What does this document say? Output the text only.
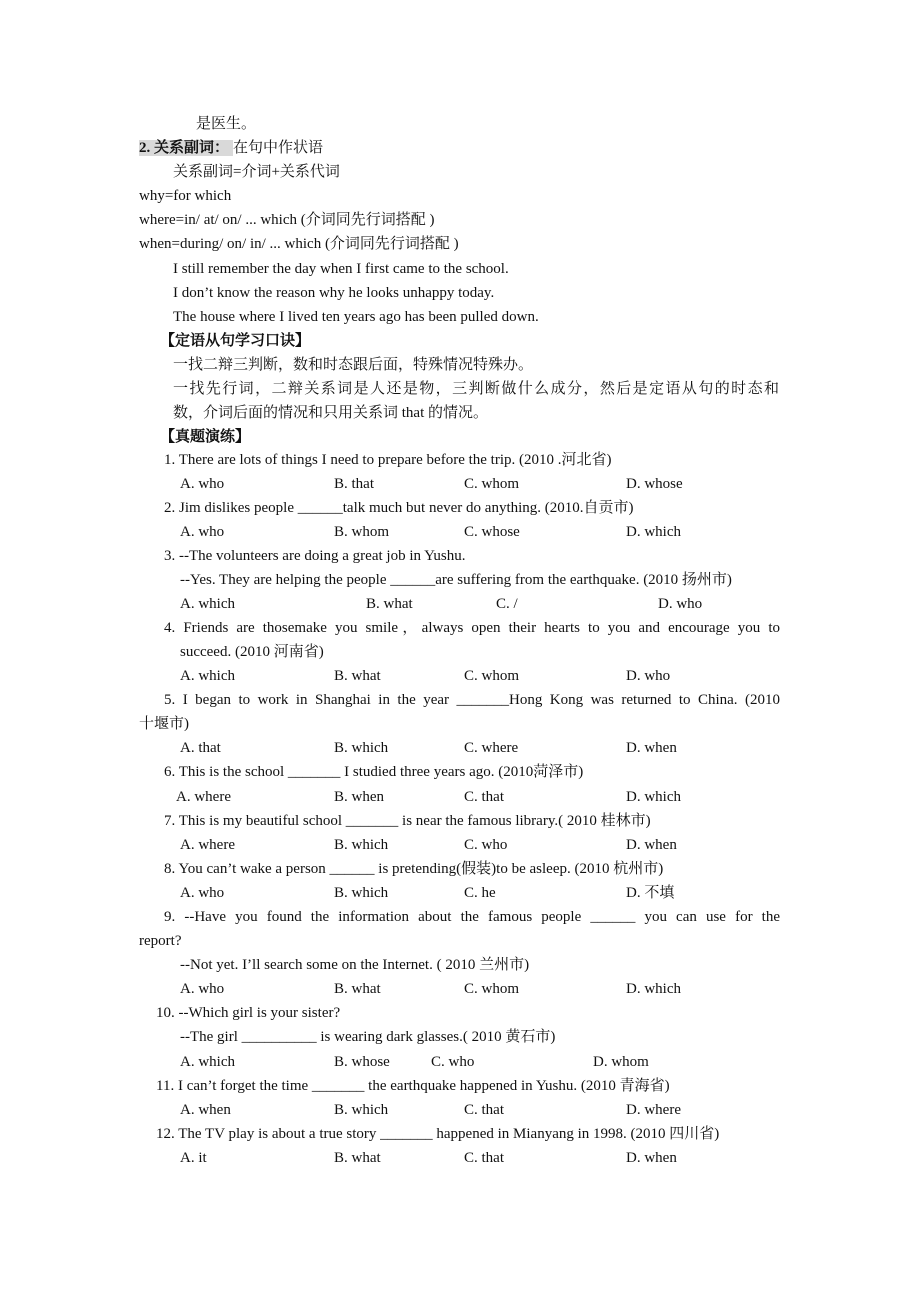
是医生。
2. 关系副词： 在句中作状语
关系副词=介词+关系代词
why=for which
where=in/ at/ on/ ... which (介词同先行词搭配 )
when=during/ on/ in/ ... which (介词同先行词搭配 )
I still remember the day when I first came to the school.
I don’t know the reason why he looks unhappy today.
The house where I lived ten years ago has been pulled down.
【定语从句学习口诀】
一找二辩三判断，数和时态跟后面，特殊情况特殊办。
一找先行词，二辩关系词是人还是物，三判断做什么成分，然后是定语从句的时态和
数，介词后面的情况和只用关系词 that 的情况。
【真题演练】
1. There are lots of things I need to prepare before the trip. (2010 .河北省)
A. who	B. that	C. whom	D. whose
2. Jim dislikes people ______talk much but never do anything. (2010.自贡市)
A. who	B. whom	C. whose	D. which
3. --The volunteers are doing a great job in Yushu.
--Yes. They are helping the people ______are suffering from the earthquake. (2010 扬州市)
A. which	B. what	C. /	D. who
4. Friends are thosemake you smile，always open their hearts to you and encourage you to
succeed. (2010 河南省)
A. which	B. what	C. whom	D. who
5. I began to work in Shanghai in the year _______Hong Kong was returned to China. (2010
十堰市)
A. that	B. which	C. where	D. when
6. This is the school _______ I studied three years ago. (2010菏泽市)
A. where	B. when	C. that	D. which
7. This is my beautiful school _______ is near the famous library.( 2010 桂林市)
A. where	B. which	C. who	D. when
8. You can’t wake a person ______ is pretending(假装)to be asleep. (2010 杭州市)
A. who	B. which	C. he	D. 不填
9. --Have you found the information about the famous people ______ you can use for the
report?
--Not yet. I’ll search some on the Internet. ( 2010 兰州市)
A. who	B. what	C. whom	D. which
10. --Which girl is your sister?
--The girl __________ is wearing dark glasses.( 2010 黄石市)
A. which	B. whose	C. who	D. whom
11. I can’t forget the time _______ the earthquake happened in Yushu. (2010 青海省)
A. when	B. which	C. that	D. where
12. The TV play is about a true story _______ happened in Mianyang in 1998. (2010 四川省)
A. it	B. what	C. that	D. when
